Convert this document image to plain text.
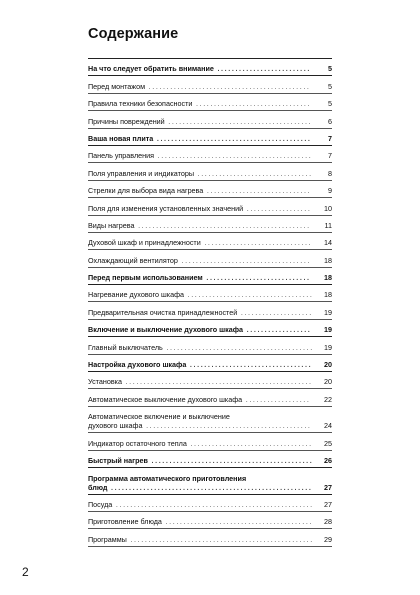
Содержание
На что следует обратить внимание ..........................	5
Перед монтажом .............................................	5
Правила техники безопасности ................................	5
Причины повреждений ........................................	6
Ваша новая плита ...........................................	7
Панель управления ...........................................	7
Поля управления и индикаторы ................................	8
Стрелки для выбора вида нагрева .............................	9
Поля для изменения установленных значений ..................	10
Виды нагрева ................................................	11
Духовой шкаф и принадлежности ..............................	14
Охлаждающий вентилятор ....................................	18
Перед первым использованием .............................	18
Нагревание духового шкафа ...................................	18
Предварительная очистка принадлежностей ....................	19
Включение и выключение духового шкафа ..................	19
Главный выключатель .........................................	19
Настройка духового шкафа ..................................	20
Установка ....................................................	20
Автоматическое выключение духового шкафа ..................	22
Автоматическое включение и выключение
духового шкафа ..............................................	24
Индикатор остаточного тепла ..................................	25
Быстрый нагрев .............................................	26
Программа автоматического приготовления
блюд ........................................................	27
Посуда .......................................................	27
Приготовление блюда .........................................	28
Программы ...................................................	29
2
